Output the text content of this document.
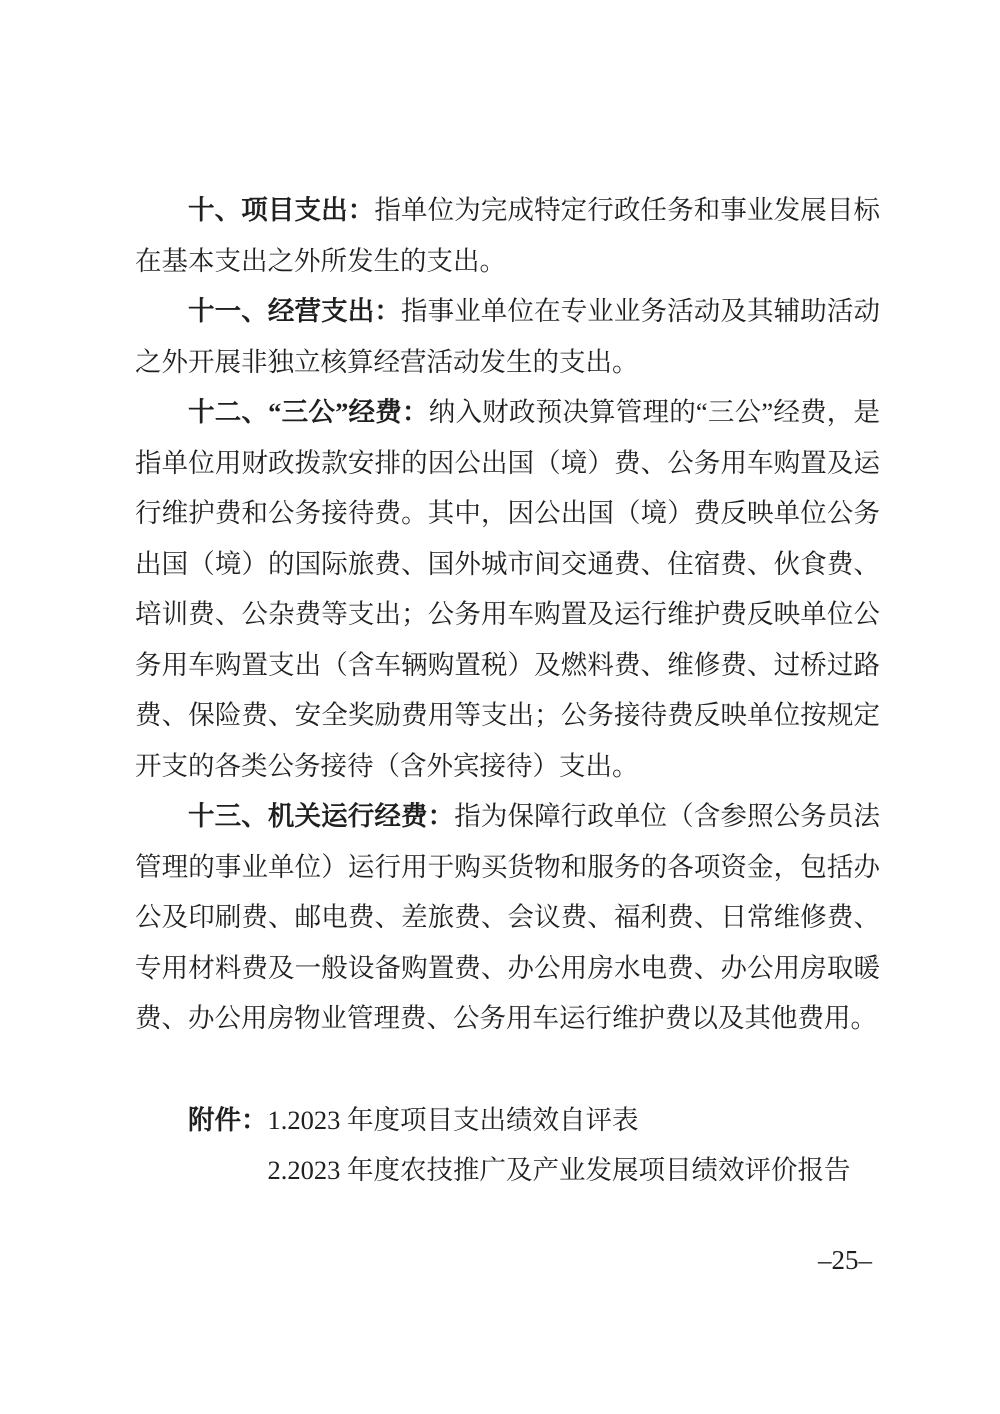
十、项目支出：指单位为完成特定行政任务和事业发展目标在基本支出之外所发生的支出。

十一、经营支出：指事业单位在专业业务活动及其辅助活动之外开展非独立核算经营活动发生的支出。

十二、“三公”经费：纳入财政预决算管理的“三公”经费，是指单位用财政拨款安排的因公出国（境）费、公务用车购置及运行维护费和公务接待费。其中，因公出国（境）费反映单位公务出国（境）的国际旅费、国外城市间交通费、住宿费、伙食费、培训费、公杂费等支出；公务用车购置及运行维护费反映单位公务用车购置支出（含车辆购置税）及燃料费、维修费、过桥过路费、保险费、安全奖励费用等支出；公务接待费反映单位按规定开支的各类公务接待（含外宾接待）支出。

十三、机关运行经费：指为保障行政单位（含参照公务员法管理的事业单位）运行用于购买货物和服务的各项资金，包括办公及印刷费、邮电费、差旅费、会议费、福利费、日常维修费、专用材料费及一般设备购置费、办公用房水电费、办公用房取暖费、办公用房物业管理费、公务用车运行维护费以及其他费用。

附件： 1.2023 年度项目支出绩效自评表
2.2023 年度农技推广及产业发展项目绩效评价报告
–25–
